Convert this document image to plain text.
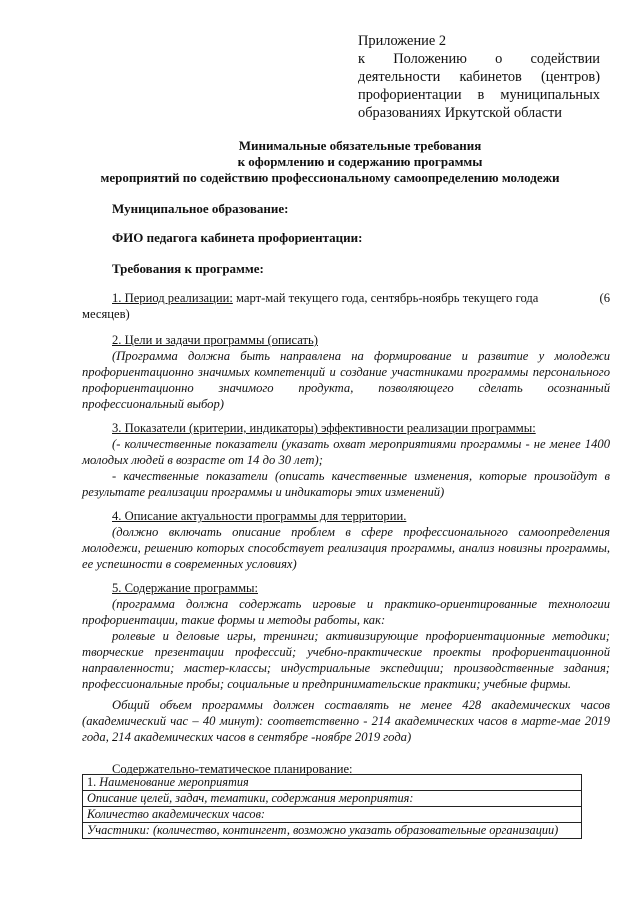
Приложение 2
к Положению о содействии
деятельности кабинетов (центров)
профориентации в муниципальных
образованиях Иркутской области
Минимальные обязательные требования
к оформлению и содержанию программы
мероприятий по содействию профессиональному самоопределению молодежи
Муниципальное образование:
ФИО педагога кабинета профориентации:
Требования к программе:
1. Период реализации: март-май текущего года, сентябрь-ноябрь текущего года	(6
месяцев)
2. Цели и задачи программы (описать)
(Программа должна быть направлена на формирование и развитие у молодежи
профориентационно значимых компетенций и создание участниками программы персонального
профориентационно значимого продукта, позволяющего сделать осознанный
профессиональный выбор)
3. Показатели (критерии, индикаторы) эффективности реализации программы:
(- количественные показатели (указать охват мероприятиями программы - не менее 1400
молодых людей в возрасте от 14 до 30 лет);
- качественные показатели (описать качественные изменения, которые произойдут в
результате реализации программы и индикаторы этих изменений)
4. Описание актуальности программы для территории.
(должно включать описание проблем в сфере профессионального самоопределения
молодежи, решению которых способствует реализация программы, анализ новизны программы,
ее успешности в современных условиях)
5. Содержание программы:
(программа должна содержать игровые и практико-ориентированные технологии
профориентации, такие формы и методы работы, как:
ролевые и деловые игры, тренинги; активизирующие профориентационные методики;
творческие презентации профессий; учебно-практические проекты профориентационной
направленности; мастер-классы; индустриальные экспедиции; производственные задания;
профессиональные пробы; социальные и предпринимательские практики; учебные фирмы.
Общий объем программы должен составлять не менее 428 академических часов
(академический час – 40 минут): соответственно - 214 академических часов в марте-мае 2019
года, 214 академических часов в сентябре -ноябре 2019 года)
Содержательно-тематическое планирование:
1. Наименование мероприятия
Описание целей, задач, тематики, содержания мероприятия:
Количество академических часов:
Участники: (количество, контингент, возможно указать образовательные организации)
